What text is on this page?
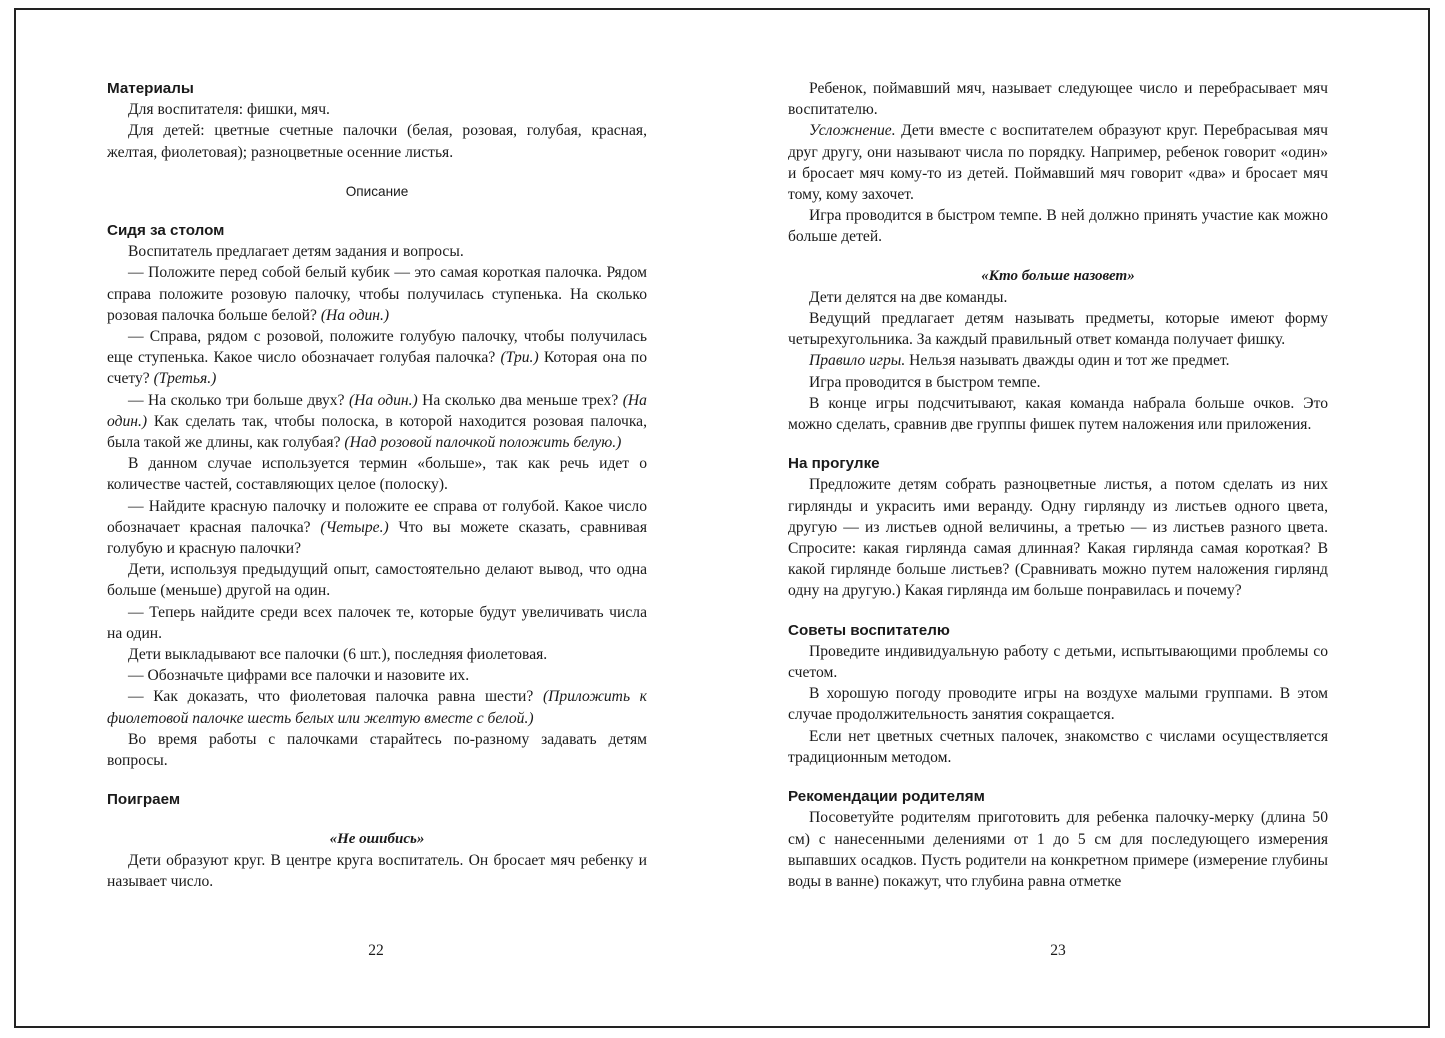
Материалы

Для воспитателя: фишки, мяч.

Для детей: цветные счетные палочки (белая, розовая, голубая, красная, желтая, фиолетовая); разноцветные осенние листья.

Описание

Сидя за столом

Воспитатель предлагает детям задания и вопросы.

— Положите перед собой белый кубик — это самая короткая палочка. Рядом справа положите розовую палочку, чтобы получилась ступенька. На сколько розовая палочка больше белой? (На один.)

— Справа, рядом с розовой, положите голубую палочку, чтобы получилась еще ступенька. Какое число обозначает голубая палочка? (Три.) Которая она по счету? (Третья.)

— На сколько три больше двух? (На один.) На сколько два меньше трех? (На один.) Как сделать так, чтобы полоска, в которой находится розовая палочка, была такой же длины, как голубая? (Над розовой палочкой положить белую.)

В данном случае используется термин «больше», так как речь идет о количестве частей, составляющих целое (полоску).

— Найдите красную палочку и положите ее справа от голубой. Какое число обозначает красная палочка? (Четыре.) Что вы можете сказать, сравнивая голубую и красную палочки?

Дети, используя предыдущий опыт, самостоятельно делают вывод, что одна больше (меньше) другой на один.

— Теперь найдите среди всех палочек те, которые будут увеличивать числа на один.

Дети выкладывают все палочки (6 шт.), последняя фиолетовая.

— Обозначьте цифрами все палочки и назовите их.

— Как доказать, что фиолетовая палочка равна шести? (Приложить к фиолетовой палочке шесть белых или желтую вместе с белой.)

Во время работы с палочками старайтесь по-разному задавать детям вопросы.

Поиграем

«Не ошибись»

Дети образуют круг. В центре круга воспитатель. Он бросает мяч ребенку и называет число.

22

Ребенок, поймавший мяч, называет следующее число и перебрасывает мяч воспитателю.

Усложнение. Дети вместе с воспитателем образуют круг. Перебрасывая мяч друг другу, они называют числа по порядку. Например, ребенок говорит «один» и бросает мяч кому-то из детей. Поймавший мяч говорит «два» и бросает мяч тому, кому захочет.

Игра проводится в быстром темпе. В ней должно принять участие как можно больше детей.

«Кто больше назовет»

Дети делятся на две команды.

Ведущий предлагает детям называть предметы, которые имеют форму четырехугольника. За каждый правильный ответ команда получает фишку.

Правило игры. Нельзя называть дважды один и тот же предмет.

Игра проводится в быстром темпе.

В конце игры подсчитывают, какая команда набрала больше очков. Это можно сделать, сравнив две группы фишек путем наложения или приложения.

На прогулке

Предложите детям собрать разноцветные листья, а потом сделать из них гирлянды и украсить ими веранду. Одну гирлянду из листьев одного цвета, другую — из листьев одной величины, а третью — из листьев разного цвета. Спросите: какая гирлянда самая длинная? Какая гирлянда самая короткая? В какой гирлянде больше листьев? (Сравнивать можно путем наложения гирлянд одну на другую.) Какая гирлянда им больше понравилась и почему?

Советы воспитателю

Проведите индивидуальную работу с детьми, испытывающими проблемы со счетом.

В хорошую погоду проводите игры на воздухе малыми группами. В этом случае продолжительность занятия сокращается.

Если нет цветных счетных палочек, знакомство с числами осуществляется традиционным методом.

Рекомендации родителям

Посоветуйте родителям приготовить для ребенка палочку-мерку (длина 50 см) с нанесенными делениями от 1 до 5 см для последующего измерения выпавших осадков. Пусть родители на конкретном примере (измерение глубины воды в ванне) покажут, что глубина равна отметке

23
